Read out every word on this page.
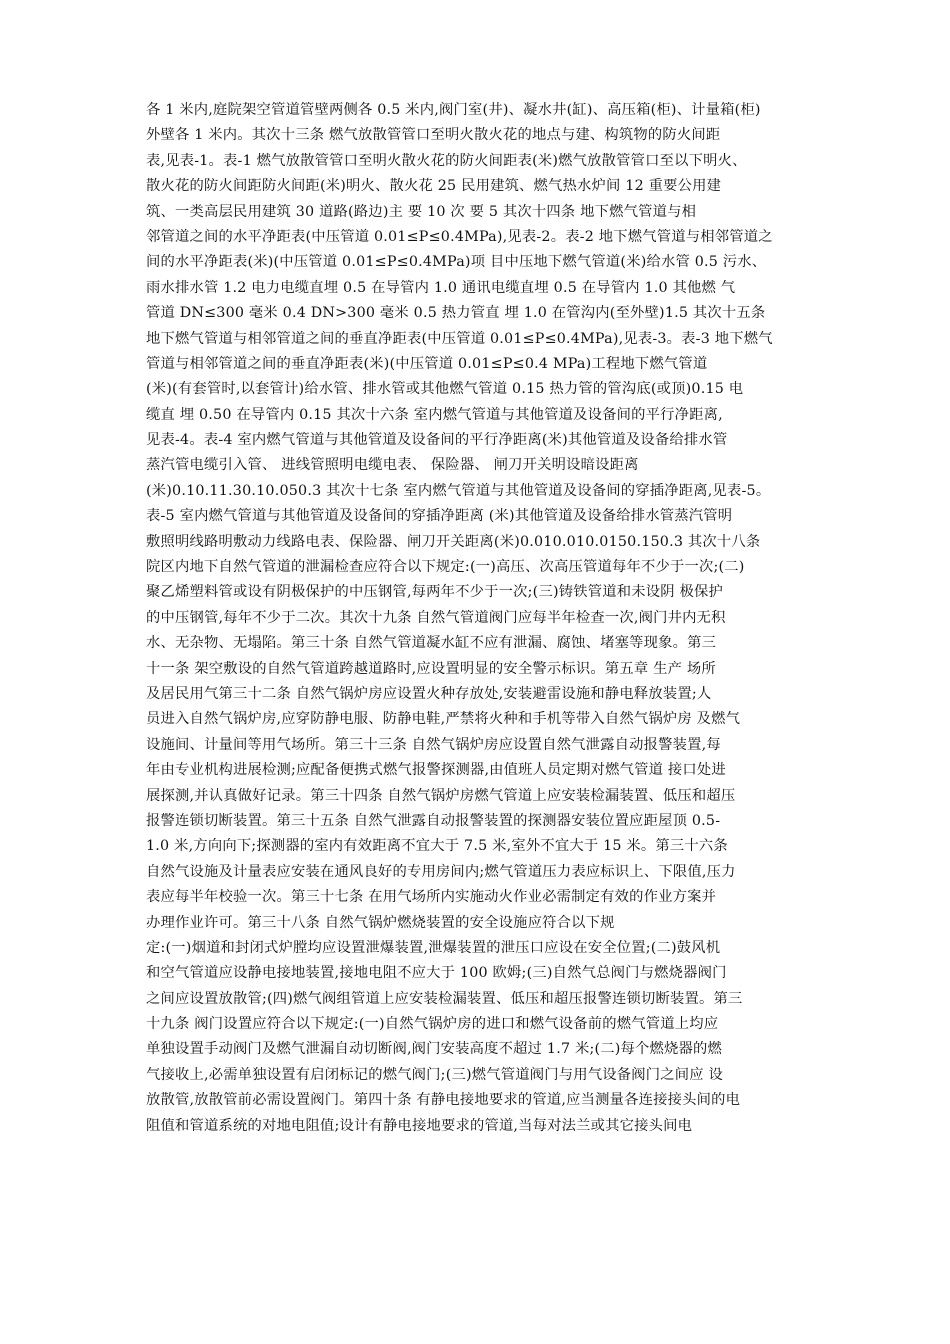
各 1 米内,庭院架空管道管壁两侧各 0.5 米内,阀门室(井)、凝水井(缸)、高压箱(柜)、计量箱(柜)
外壁各 1 米内。其次十三条 燃气放散管管口至明火散火花的地点与建、构筑物的防火间距
表,见表-1。表-1 燃气放散管管口至明火散火花的防火间距表(米)燃气放散管管口至以下明火、
散火花的防火间距防火间距(米)明火、散火花 25 民用建筑、燃气热水炉间 12 重要公用建
筑、一类高层民用建筑 30 道路(路边)主 要 10 次 要 5 其次十四条 地下燃气管道与相
邻管道之间的水平净距表(中压管道 0.01≤P≤0.4MPa),见表-2。表-2 地下燃气管道与相邻管道之
间的水平净距表(米)(中压管道 0.01≤P≤0.4MPa)项 目中压地下燃气管道(米)给水管 0.5 污水、
雨水排水管 1.2 电力电缆直埋 0.5 在导管内 1.0 通讯电缆直埋 0.5 在导管内 1.0 其他燃 气
管道 DN≤300 毫米 0.4 DN>300 毫米 0.5 热力管直 埋 1.0 在管沟内(至外壁)1.5 其次十五条
地下燃气管道与相邻管道之间的垂直净距表(中压管道 0.01≤P≤0.4MPa),见表-3。表-3 地下燃气
管道与相邻管道之间的垂直净距表(米)(中压管道 0.01≤P≤0.4 MPa)工程地下燃气管道
(米)(有套管时,以套管计)给水管、排水管或其他燃气管道 0.15 热力管的管沟底(或顶)0.15 电
缆直 埋 0.50 在导管内 0.15 其次十六条 室内燃气管道与其他管道及设备间的平行净距离,
见表-4。表-4 室内燃气管道与其他管道及设备间的平行净距离(米)其他管道及设备给排水管
蒸汽管电缆引入管、 进线管照明电缆电表、 保险器、 闸刀开关明设暗设距离
(米)0.10.11.30.10.050.3 其次十七条 室内燃气管道与其他管道及设备间的穿插净距离,见表-5。
表-5 室内燃气管道与其他管道及设备间的穿插净距离 (米)其他管道及设备给排水管蒸汽管明
敷照明线路明敷动力线路电表、保险器、闸刀开关距离(米)0.010.010.0150.150.3 其次十八条
院区内地下自然气管道的泄漏检查应符合以下规定:(一)高压、次高压管道每年不少于一次;(二)
聚乙烯塑料管或设有阴极保护的中压钢管,每两年不少于一次;(三)铸铁管道和未设阴 极保护
的中压钢管,每年不少于二次。其次十九条 自然气管道阀门应每半年检查一次,阀门井内无积
水、无杂物、无塌陷。第三十条 自然气管道凝水缸不应有泄漏、腐蚀、堵塞等现象。第三
十一条 架空敷设的自然气管道跨越道路时,应设置明显的安全警示标识。第五章 生产 场所
及居民用气第三十二条 自然气锅炉房应设置火种存放处,安装避雷设施和静电释放装置;人
员进入自然气锅炉房,应穿防静电服、防静电鞋,严禁将火种和手机等带入自然气锅炉房 及燃气
设施间、计量间等用气场所。第三十三条 自然气锅炉房应设置自然气泄露自动报警装置,每
年由专业机构进展检测;应配备便携式燃气报警探测器,由值班人员定期对燃气管道 接口处进
展探测,并认真做好记录。第三十四条 自然气锅炉房燃气管道上应安装检漏装置、低压和超压
报警连锁切断装置。第三十五条 自然气泄露自动报警装置的探测器安装位置应距屋顶 0.5-
1.0 米,方向向下;探测器的室内有效距离不宜大于 7.5 米,室外不宜大于 15 米。第三十六条
自然气设施及计量表应安装在通风良好的专用房间内;燃气管道压力表应标识上、下限值,压力
表应每半年校验一次。第三十七条 在用气场所内实施动火作业必需制定有效的作业方案并
办理作业许可。第三十八条 自然气锅炉燃烧装置的安全设施应符合以下规
定:(一)烟道和封闭式炉膛均应设置泄爆装置,泄爆装置的泄压口应设在安全位置;(二)鼓风机
和空气管道应设静电接地装置,接地电阻不应大于 100 欧姆;(三)自然气总阀门与燃烧器阀门
之间应设置放散管;(四)燃气阀组管道上应安装检漏装置、低压和超压报警连锁切断装置。第三
十九条 阀门设置应符合以下规定:(一)自然气锅炉房的进口和燃气设备前的燃气管道上均应
单独设置手动阀门及燃气泄漏自动切断阀,阀门安装高度不超过 1.7 米;(二)每个燃烧器的燃
气接收上,必需单独设置有启闭标记的燃气阀门;(三)燃气管道阀门与用气设备阀门之间应 设
放散管,放散管前必需设置阀门。第四十条 有静电接地要求的管道,应当测量各连接接头间的电
阻值和管道系统的对地电阻值;设计有静电接地要求的管道,当每对法兰或其它接头间电
